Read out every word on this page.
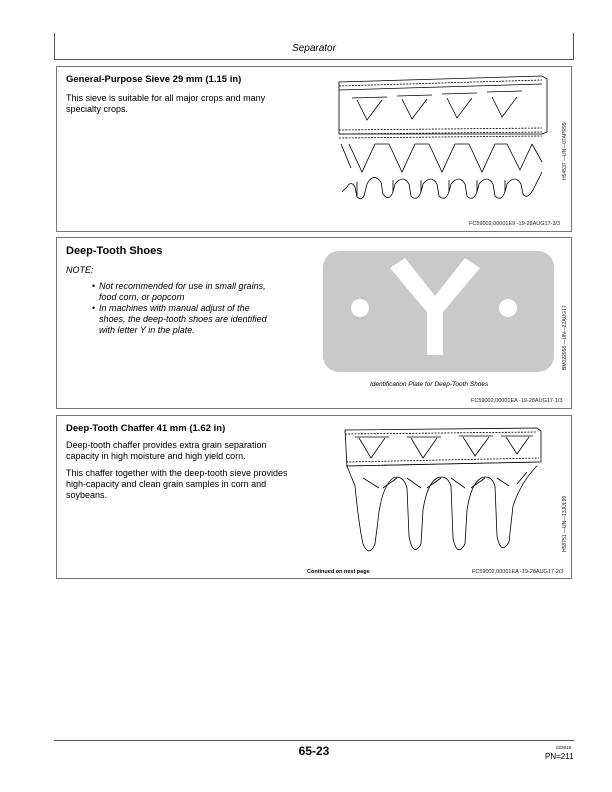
Separator
General-Purpose Sieve 29 mm (1.15 in)
This sieve is suitable for all major crops and many
specialty crops.
H54537 —UN—07APR99
FC59002,00001E9 -19-28AUG17-3/3
Deep-Tooth Shoes
NOTE:
• Not recommended for use in small grains,
food corn, or popcorn
• In machines with manual adjust of the
shoes, the deep-tooth shoes are identified
with letter Y in the plate.
Identification Plate for Deep-Tooth Shoes
BM022958 —UN—22AUG17
FC59002,00001EA -19-28AUG17-1/3
Deep-Tooth Chaffer 41 mm (1.62 in)
Deep-tooth chaffer provides extra grain separation
capacity in high moisture and high yield corn.
This chaffer together with the deep-tooth sieve provides
high-capacity and clean grain samples in corn and
soybeans.
H58751 —UN—13JUL99
Continued on next page	FC59002,00001EA -19-28AUG17-2/3
65-23	022819
PN=211
